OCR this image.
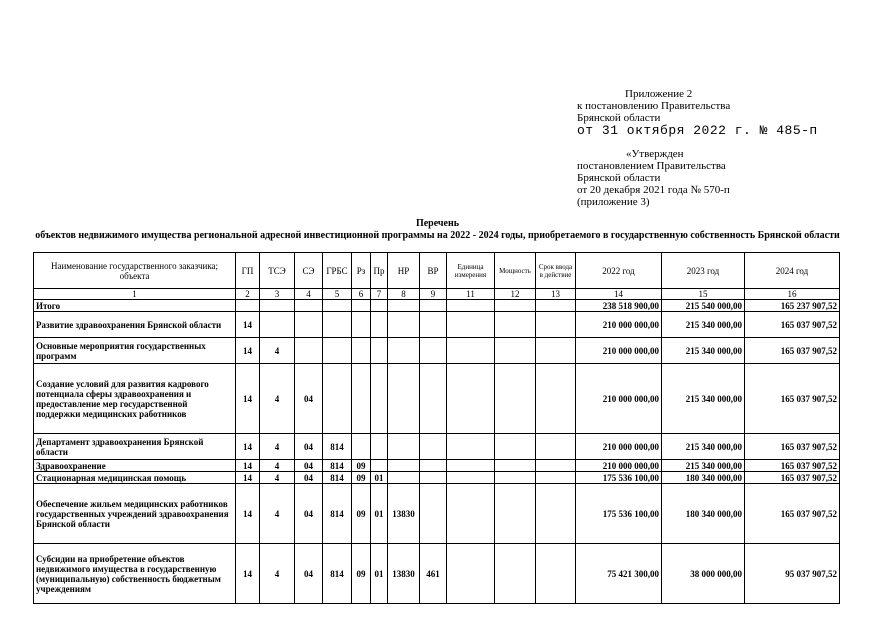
Приложение 2
к постановлению Правительства
Брянской области
от 31 октября 2022 г. № 485-п
«Утвержден
постановлением Правительства
Брянской области
от 20 декабря 2021 года № 570-п
(приложение 3)
Перечень
объектов недвижимого имущества региональной адресной инвестиционной программы на 2022 - 2024 годы, приобретаемого в государственную собственность Брянской области
Наименование государственного заказчика; объекта	ГП	ТСЭ	СЭ	ГРБС	Рз	Пр	НР	ВР	Единица измерения	Мощность	Срок ввода в действие	2022 год	2023 год	2024 год
1	2	3	4	5	6	7	8	9	11	12	13	14	15	16
Итого												238 518 900,00	215 540 000,00	165 237 907,52
Развитие здравоохранения Брянской области	14											210 000 000,00	215 340 000,00	165 037 907,52
Основные мероприятия государственных программ	14	4										210 000 000,00	215 340 000,00	165 037 907,52
Создание условий для развития кадрового потенциала сферы здравоохранения и предоставление мер государственной поддержки медицинских работников	14	4	04									210 000 000,00	215 340 000,00	165 037 907,52
Департамент здравоохранения Брянской области	14	4	04	814								210 000 000,00	215 340 000,00	165 037 907,52
Здравоохранение	14	4	04	814	09							210 000 000,00	215 340 000,00	165 037 907,52
Стационарная медицинская помощь	14	4	04	814	09	01						175 536 100,00	180 340 000,00	165 037 907,52
Обеспечение жильем медицинских работников государственных учреждений здравоохранения Брянской области	14	4	04	814	09	01	13830					175 536 100,00	180 340 000,00	165 037 907,52
Субсидии на приобретение объектов недвижимого имущества в государственную (муниципальную) собственность бюджетным учреждениям	14	4	04	814	09	01	13830	461				75 421 300,00	38 000 000,00	95 037 907,52
